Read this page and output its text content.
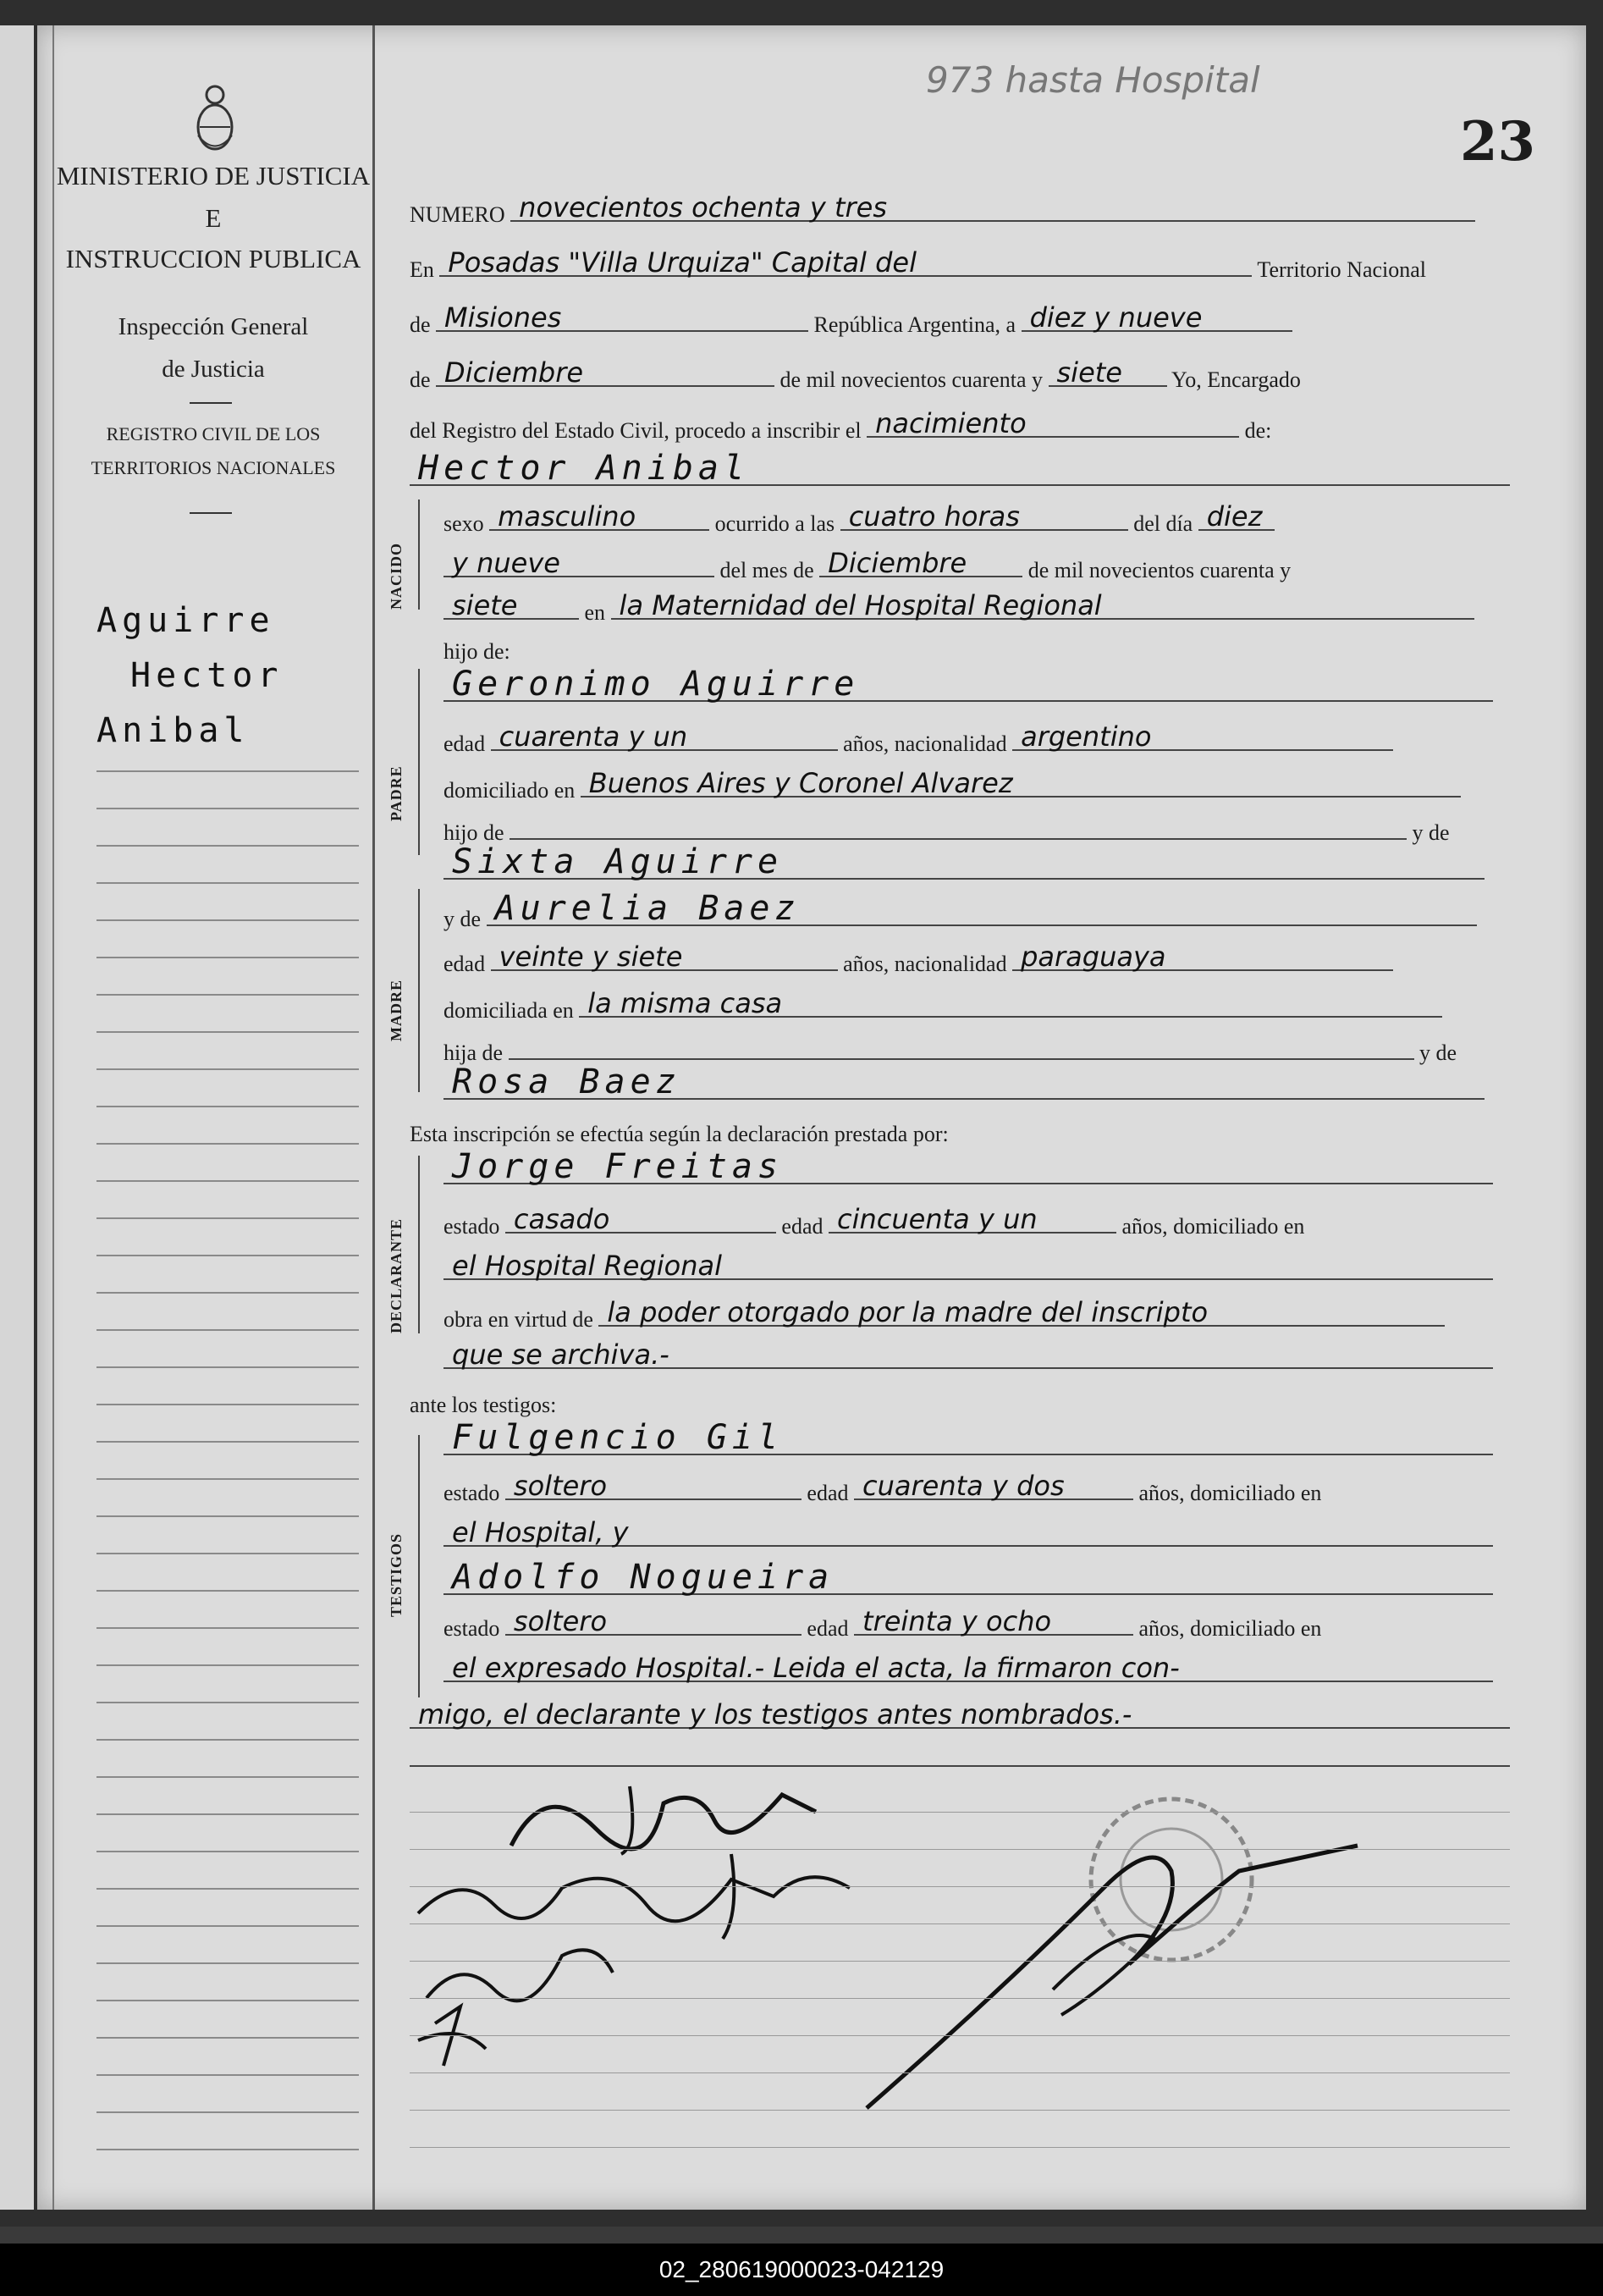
973 hasta Hospital
23
MINISTERIO DE JUSTICIA
E
INSTRUCCION PUBLICA
Inspección General
de Justicia
REGISTRO CIVIL DE LOS
TERRITORIOS NACIONALES
Aguirre
Hector
Anibal
NUMERO novecientos ochenta y tres
En Posadas "Villa Urquiza" Capital del	Territorio Nacional
de Misiones	República Argentina, a diez y nueve
de Diciembre	de mil novecientos cuarenta y siete Yo, Encargado
del Registro del Estado Civil, procedo a inscribir el nacimiento	de:
Hector Anibal
NACIDO
sexo masculino	ocurrido a las cuatro horas	del día diez
y nueve	del mes de Diciembre	de mil novecientos cuarenta y
siete	en la Maternidad del Hospital Regional
hijo de:
PADRE
Geronimo Aguirre
edad cuarenta y un	años, nacionalidad argentino
domiciliado en Buenos Aires y Coronel Alvarez
hijo de	y de
Sixta Aguirre
MADRE
y de Aurelia Baez
edad veinte y siete	años, nacionalidad paraguaya
domiciliada en la misma casa
hija de	y de
Rosa Baez
Esta inscripción se efectúa según la declaración prestada por:
DECLARANTE
Jorge Freitas
estado casado	edad cincuenta y un	años, domiciliado en
el Hospital Regional
obra en virtud de la poder otorgado por la madre del inscripto
que se archiva.-
ante los testigos:
TESTIGOS
Fulgencio Gil
estado soltero	edad cuarenta y dos	años, domiciliado en
el Hospital, y
Adolfo Nogueira
estado soltero	edad treinta y ocho	años, domiciliado en
el expresado Hospital.- Leida el acta, la firmaron con-
migo, el declarante y los testigos antes nombrados.-
02_280619000023-042129
